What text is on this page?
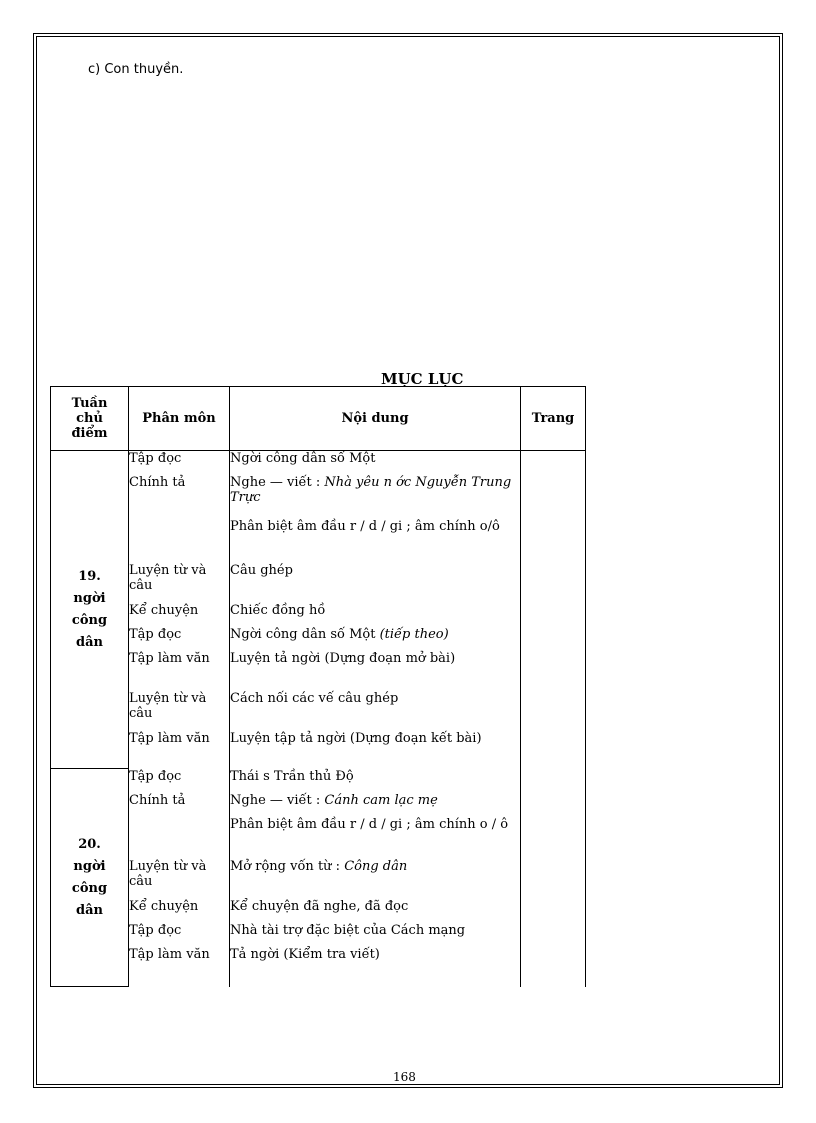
c) Con thuyền.
MỤC LỤC
Tuần
chủ
điểm	Phân môn	Nội dung	Trang

19.
ngời
công
dân	Tập đọc	Ngời công dân số Một	
	Chính tả	Nghe — viết : Nhà yêu n ớc Nguyễn Trung Trực	
		Phân biệt âm đầu r / d / gi ; âm chính o/ô	
	Luyện từ và câu	Câu ghép	
	Kể chuyện	Chiếc đồng hồ	
	Tập đọc	Ngời công dân số Một (tiếp theo)	
	Tập làm văn	Luyện tả ngời (Dựng đoạn mở bài)	
	Luyện từ và câu	Cách nối các vế câu ghép	
	Tập làm văn	Luyện tập tả ngời (Dựng đoạn kết bài)	

20.
ngời
công
dân	Tập đọc	Thái s Trần thủ Độ	
	Chính tả	Nghe — viết : Cánh cam lạc mẹ	
		Phân biệt âm đầu r / d / gi ; âm chính o / ô	
	Luyện từ và câu	Mở rộng vốn từ : Công dân	
	Kể chuyện	Kể chuyện đã nghe, đã đọc	
	Tập đọc	Nhà tài trợ đặc biệt của Cách mạng	
	Tập làm văn	Tả ngời (Kiểm tra viết)	
168
